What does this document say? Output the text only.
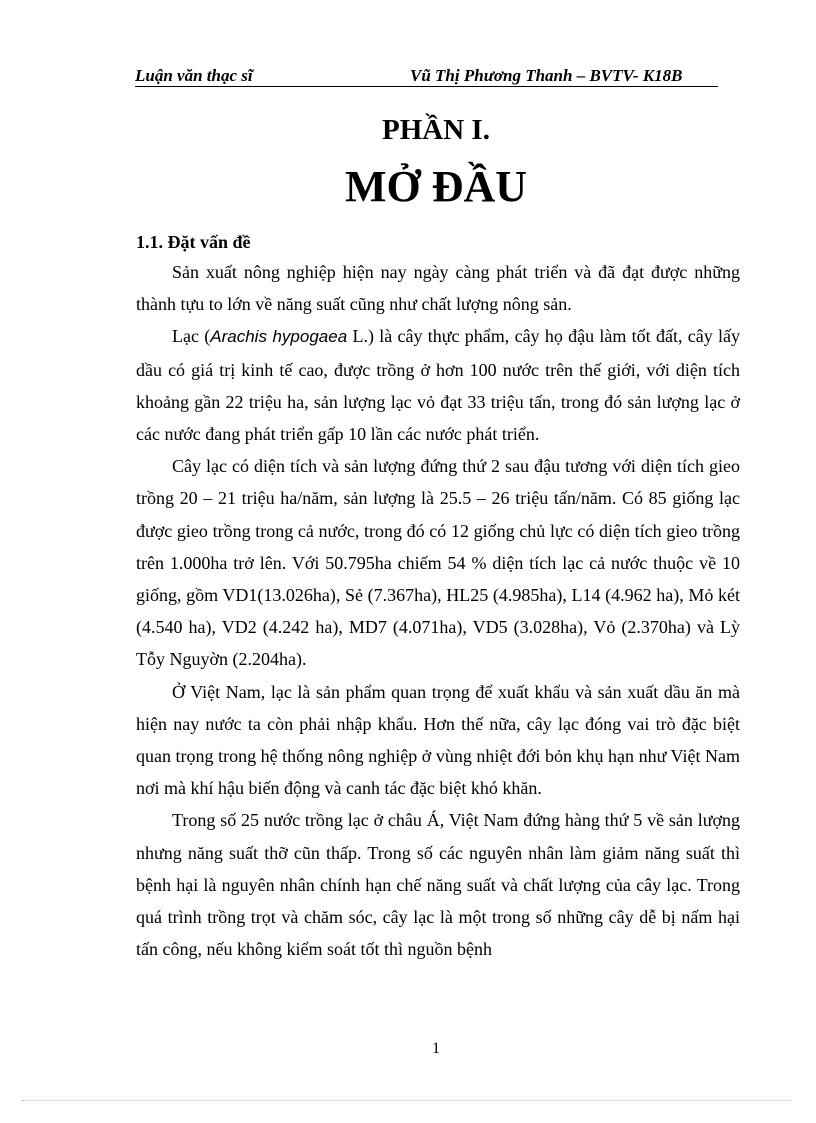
Luận văn thạc sĩ	Vũ Thị Phương Thanh – BVTV- K18B
PHẦN I.
MỞ ĐẦU
1.1. Đặt vấn đề

Sản xuất nông nghiệp hiện nay ngày càng phát triển và đã đạt được những thành tựu to lớn về năng suất cũng như chất lượng nông sản.

Lạc (Arachis hypogaea L.) là cây thực phẩm, cây họ đậu làm tốt đất, cây lấy dầu có giá trị kinh tế cao, được trồng ở hơn 100 nước trên thế giới, với diện tích khoảng gần 22 triệu ha, sản lượng lạc vỏ đạt 33 triệu tấn, trong đó sản lượng lạc ở các nước đang phát triển gấp 10 lần các nước phát triển.

Cây lạc có diện tích và sản lượng đứng thứ 2 sau đậu tương với diện tích gieo trồng 20 – 21 triệu ha/năm, sản lượng là 25.5 – 26 triệu tấn/năm. Có 85 giống lạc được gieo trồng trong cả nước, trong đó có 12 giống chủ lực có diện tích gieo trồng trên 1.000ha trở lên. Với 50.795ha chiếm 54 % diện tích lạc cả nước thuộc về 10 giống, gồm VD1(13.026ha), Sẻ (7.367ha), HL25 (4.985ha), L14 (4.962 ha), Mỏ két (4.540 ha), VD2 (4.242 ha), MD7 (4.071ha), VD5 (3.028ha), Vỏ (2.370ha) và Lỳ Tỗy Nguyờn (2.204ha).

Ở Việt Nam, lạc là sản phẩm quan trọng để xuất khẩu và sản xuất dầu ăn mà hiện nay nước ta còn phải nhập khẩu. Hơn thế nữa, cây lạc đóng vai trò đặc biệt quan trọng trong hệ thống nông nghiệp ở vùng nhiệt đới bỏn khụ hạn như Việt Nam nơi mà khí hậu biến động và canh tác đặc biệt khó khăn.

Trong số 25 nước trồng lạc ở châu Á, Việt Nam đứng hàng thứ 5 về sản lượng nhưng năng suất thỡ cũn thấp. Trong số các nguyên nhân làm giảm năng suất thì bệnh hại là nguyên nhân chính hạn chế năng suất và chất lượng của cây lạc. Trong quá trình trồng trọt và chăm sóc, cây lạc là một trong số những cây dễ bị nấm hại tấn công, nếu không kiểm soát tốt thì nguồn bệnh

1
